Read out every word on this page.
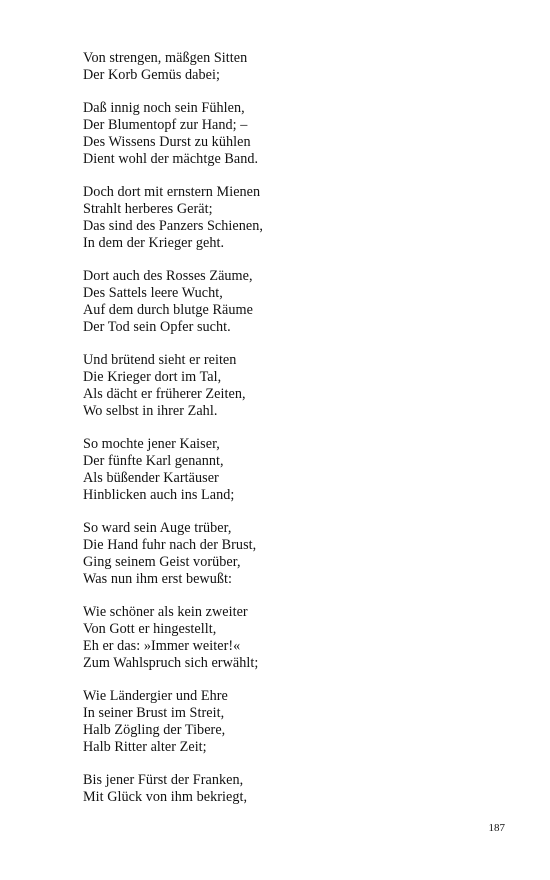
Von strengen, mäßgen Sitten
Der Korb Gemüs dabei;
Daß innig noch sein Fühlen,
Der Blumentopf zur Hand; –
Des Wissens Durst zu kühlen
Dient wohl der mächtge Band.
Doch dort mit ernstern Mienen
Strahlt herberes Gerät;
Das sind des Panzers Schienen,
In dem der Krieger geht.
Dort auch des Rosses Zäume,
Des Sattels leere Wucht,
Auf dem durch blutge Räume
Der Tod sein Opfer sucht.
Und brütend sieht er reiten
Die Krieger dort im Tal,
Als dächt er früherer Zeiten,
Wo selbst in ihrer Zahl.
So mochte jener Kaiser,
Der fünfte Karl genannt,
Als büßender Kartäuser
Hinblicken auch ins Land;
So ward sein Auge trüber,
Die Hand fuhr nach der Brust,
Ging seinem Geist vorüber,
Was nun ihm erst bewußt:
Wie schöner als kein zweiter
Von Gott er hingestellt,
Eh er das: »Immer weiter!«
Zum Wahlspruch sich erwählt;
Wie Ländergier und Ehre
In seiner Brust im Streit,
Halb Zögling der Tibere,
Halb Ritter alter Zeit;
Bis jener Fürst der Franken,
Mit Glück von ihm bekriegt,
187
